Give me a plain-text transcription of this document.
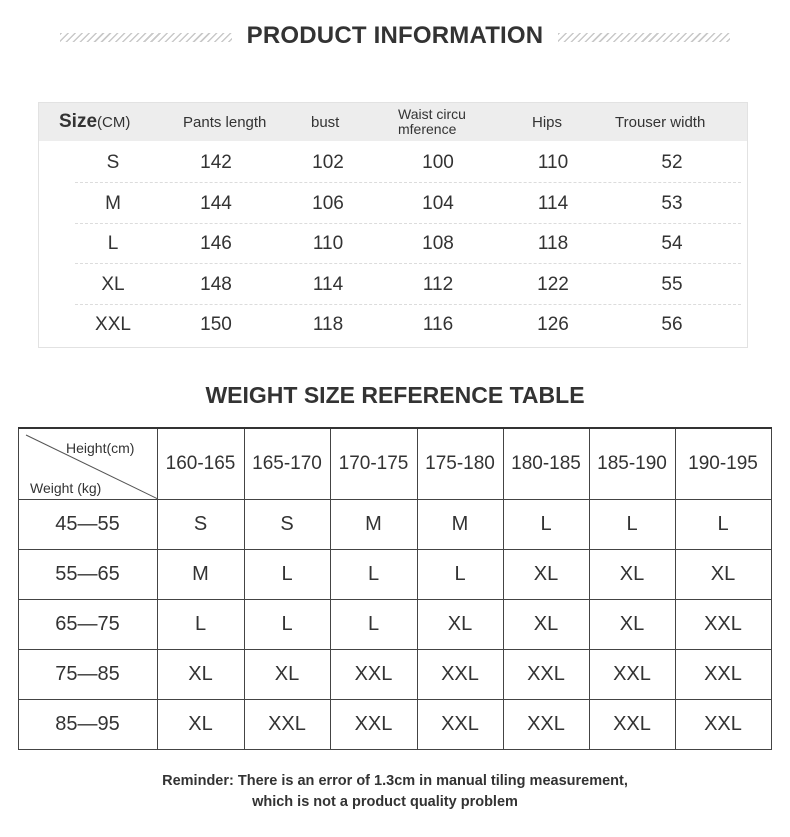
PRODUCT INFORMATION
Size (CM)	Pants length	bust	Waist circu
mference	Hips	Trouser width
S	142	102	100	110	52
M	144	106	104	114	53
L	146	110	108	118	54
XL	148	114	112	122	55
XXL	150	118	116	126	56
WEIGHT SIZE REFERENCE TABLE
Height(cm)
Weight (kg)
160-165 165-170 170-175 175-180 180-185 185-190	190-195
45—55	S	S	M	M	L	L	L
55—65	M	L	L	L	XL	XL	XL
65—75	L	L	L	XL	XL	XL	XXL
75—85	XL	XL	XXL	XXL	XXL	XXL	XXL
85—95	XL	XXL	XXL	XXL	XXL	XXL	XXL
Reminder: There is an error of 1.3cm in manual tiling measurement,
which is not a product quality problem
